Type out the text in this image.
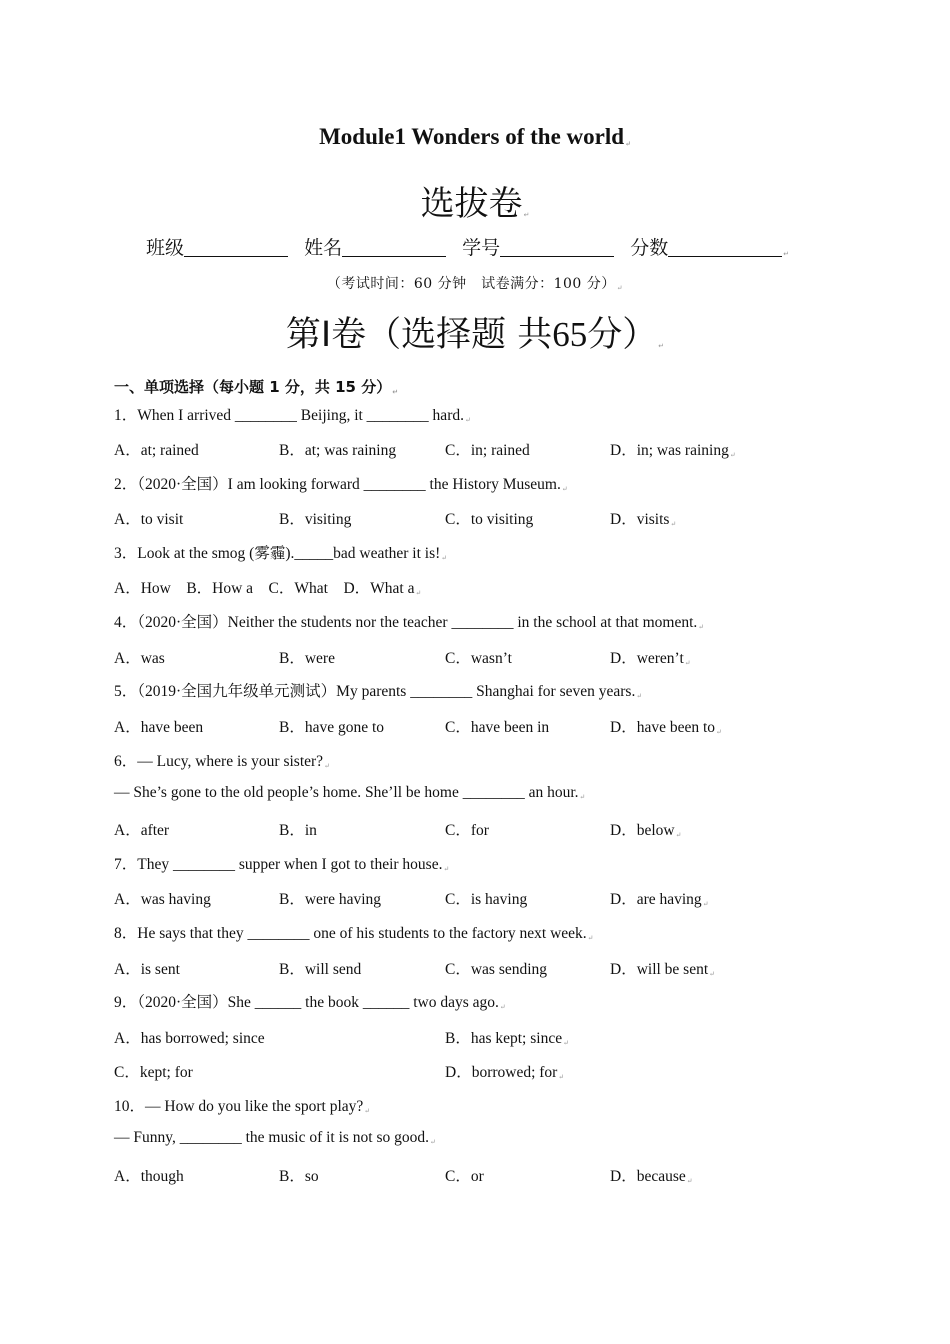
Module1 Wonders of the world↵
选拔卷↵
班级	姓名	学号	分数	↵
（考试时间：60 分钟　试卷满分：100 分）↵
第I卷（选择题 共65分）↵
一、单项选择（每小题 1 分，共 15 分）↵
1．When I arrived ________ Beijing, it ________ hard.↵
A．at; rained	B．at; was raining	C．in; rained	D．in; was raining↵
2．（2020·全国）I am looking forward ________ the History Museum.↵
A．to visit	B．visiting	C．to visiting	D．visits↵
3．Look at the smog (雾霾)._____bad weather it is!↵
A．How　B．How a　C．What　D．What a↵
4．（2020·全国）Neither the students nor the teacher ________ in the school at that moment.↵
A．was	B．were	C．wasn’t	D．weren’t↵
5．（2019·全国九年级单元测试）My parents ________ Shanghai for seven years.↵
A．have been	B．have gone to	C．have been in	D．have been to↵
6．— Lucy, where is your sister?↵
— She’s gone to the old people’s home. She’ll be home ________ an hour.↵
A．after	B．in	C．for	D．below↵
7．They ________ supper when I got to their house.↵
A．was having	B．were having	C．is having	D．are having↵
8．He says that they ________ one of his students to the factory next week.↵
A．is sent	B．will send	C．was sending	D．will be sent↵
9．（2020·全国）She ______ the book ______ two days ago.↵
A．has borrowed; since	B．has kept; since↵
C．kept; for	D．borrowed; for↵
10．— How do you like the sport play?↵
— Funny, ________ the music of it is not so good.↵
A．though	B．so	C．or	D．because↵
